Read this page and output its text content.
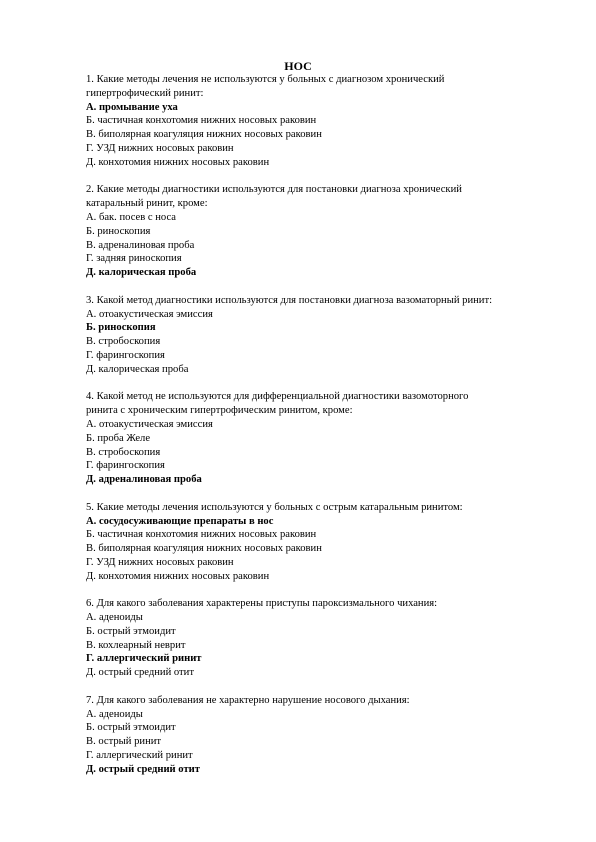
НОС
1. Какие методы лечения не используются у больных с диагнозом хронический
гипертрофический ринит:
А. промывание уха
Б. частичная конхотомия нижних носовых раковин
В. биполярная коагуляция нижних носовых раковин
Г. УЗД нижних носовых раковин
Д. конхотомия нижних носовых раковин
2. Какие методы диагностики используются для постановки диагноза хронический
катаральный ринит, кроме:
А. бак. посев с носа
Б. риноскопия
В. адреналиновая проба
Г. задняя риноскопия
Д. калорическая проба
3. Какой метод диагностики используются для постановки диагноза вазоматорный ринит:
А. отоакустическая эмиссия
Б. риноскопия
В. стробоскопия
Г. фарингоскопия
Д. калорическая проба
4. Какой метод не используются для дифференциальной диагностики вазомоторного
ринита с хроническим гипертрофическим ринитом, кроме:
А. отоакустическая эмиссия
Б. проба Желе
В. стробоскопия
Г. фарингоскопия
Д. адреналиновая проба
5. Какие методы лечения используются у больных с острым катаральным ринитом:
А. сосудосуживающие препараты в нос
Б. частичная конхотомия нижних носовых раковин
В. биполярная коагуляция нижних носовых раковин
Г. УЗД нижних носовых раковин
Д. конхотомия нижних носовых раковин
6. Для какого заболевания характерены приступы пароксизмального чихания:
А. аденоиды
Б. острый этмоидит
В. кохлеарный неврит
Г. аллергический ринит
Д. острый средний отит
7. Для какого заболевания не характерно нарушение носового дыхания:
А. аденоиды
Б. острый этмоидит
В. острый ринит
Г. аллергический ринит
Д. острый средний отит
